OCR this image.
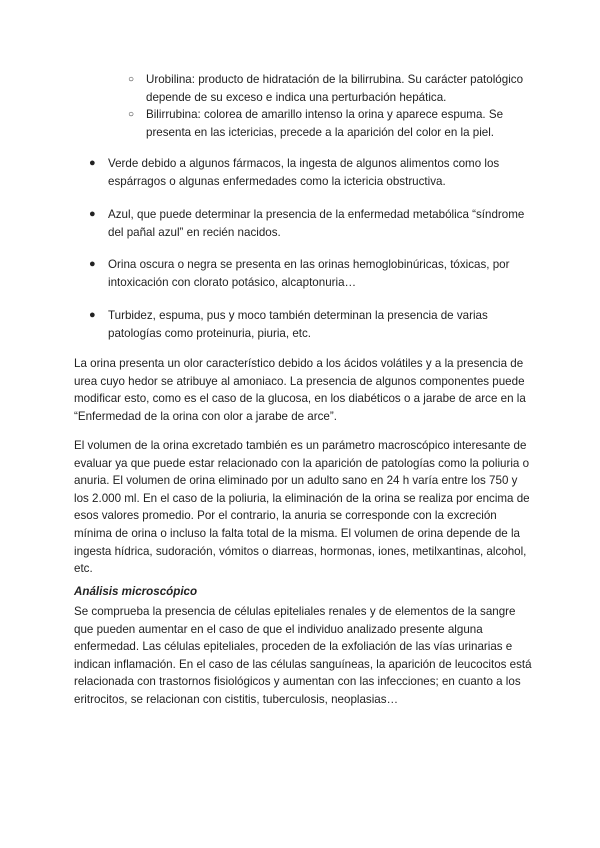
○ Urobilina: producto de hidratación de la bilirrubina. Su carácter patológico depende de su exceso e indica una perturbación hepática.
○ Bilirrubina: colorea de amarillo intenso la orina y aparece espuma. Se presenta en las ictericias, precede a la aparición del color en la piel.
● Verde debido a algunos fármacos, la ingesta de algunos alimentos como los espárragos o algunas enfermedades como la ictericia obstructiva.
● Azul, que puede determinar la presencia de la enfermedad metabólica “síndrome del pañal azul” en recién nacidos.
● Orina oscura o negra se presenta en las orinas hemoglobinúricas, tóxicas, por intoxicación con clorato potásico, alcaptonuria…
● Turbidez, espuma, pus y moco también determinan la presencia de varias patologías como proteinuria, piuria, etc.
La orina presenta un olor característico debido a los ácidos volátiles y a la presencia de urea cuyo hedor se atribuye al amoniaco. La presencia de algunos componentes puede modificar esto, como es el caso de la glucosa, en los diabéticos o a jarabe de arce en la “Enfermedad de la orina con olor a jarabe de arce”.
El volumen de la orina excretado también es un parámetro macroscópico interesante de evaluar ya que puede estar relacionado con la aparición de patologías como la poliuria o anuria. El volumen de orina eliminado por un adulto sano en 24 h varía entre los 750 y los 2.000 ml. En el caso de la poliuria, la eliminación de la orina se realiza por encima de esos valores promedio. Por el contrario, la anuria se corresponde con la excreción mínima de orina o incluso la falta total de la misma. El volumen de orina depende de la ingesta hídrica, sudoración, vómitos o diarreas, hormonas, iones, metilxantinas, alcohol, etc.
Análisis microscópico
Se comprueba la presencia de células epiteliales renales y de elementos de la sangre que pueden aumentar en el caso de que el individuo analizado presente alguna enfermedad. Las células epiteliales, proceden de la exfoliación de las vías urinarias e indican inflamación. En el caso de las células sanguíneas, la aparición de leucocitos está relacionada con trastornos fisiológicos y aumentan con las infecciones; en cuanto a los eritrocitos, se relacionan con cistitis, tuberculosis, neoplasias…
